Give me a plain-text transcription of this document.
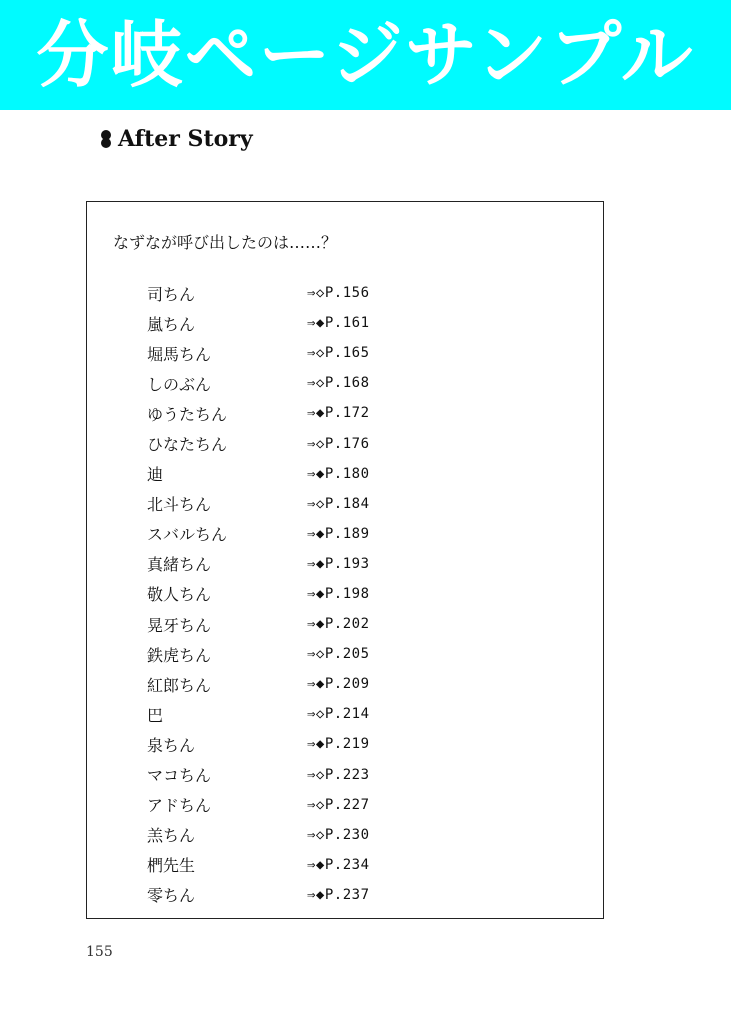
分岐ページサンプル
After Story
なずなが呼び出したのは……？
司ちん	⇒◇P.156
嵐ちん	⇒◆P.161
堀馬ちん	⇒◇P.165
しのぶん	⇒◇P.168
ゆうたちん	⇒◆P.172
ひなたちん	⇒◇P.176
迪	⇒◆P.180
北斗ちん	⇒◇P.184
スバルちん	⇒◆P.189
真緒ちん	⇒◆P.193
敬人ちん	⇒◆P.198
晃牙ちん	⇒◆P.202
鉄虎ちん	⇒◇P.205
紅郎ちん	⇒◆P.209
巴	⇒◇P.214
泉ちん	⇒◆P.219
マコちん	⇒◇P.223
アドちん	⇒◇P.227
羔ちん	⇒◇P.230
椚先生	⇒◆P.234
零ちん	⇒◆P.237
155
